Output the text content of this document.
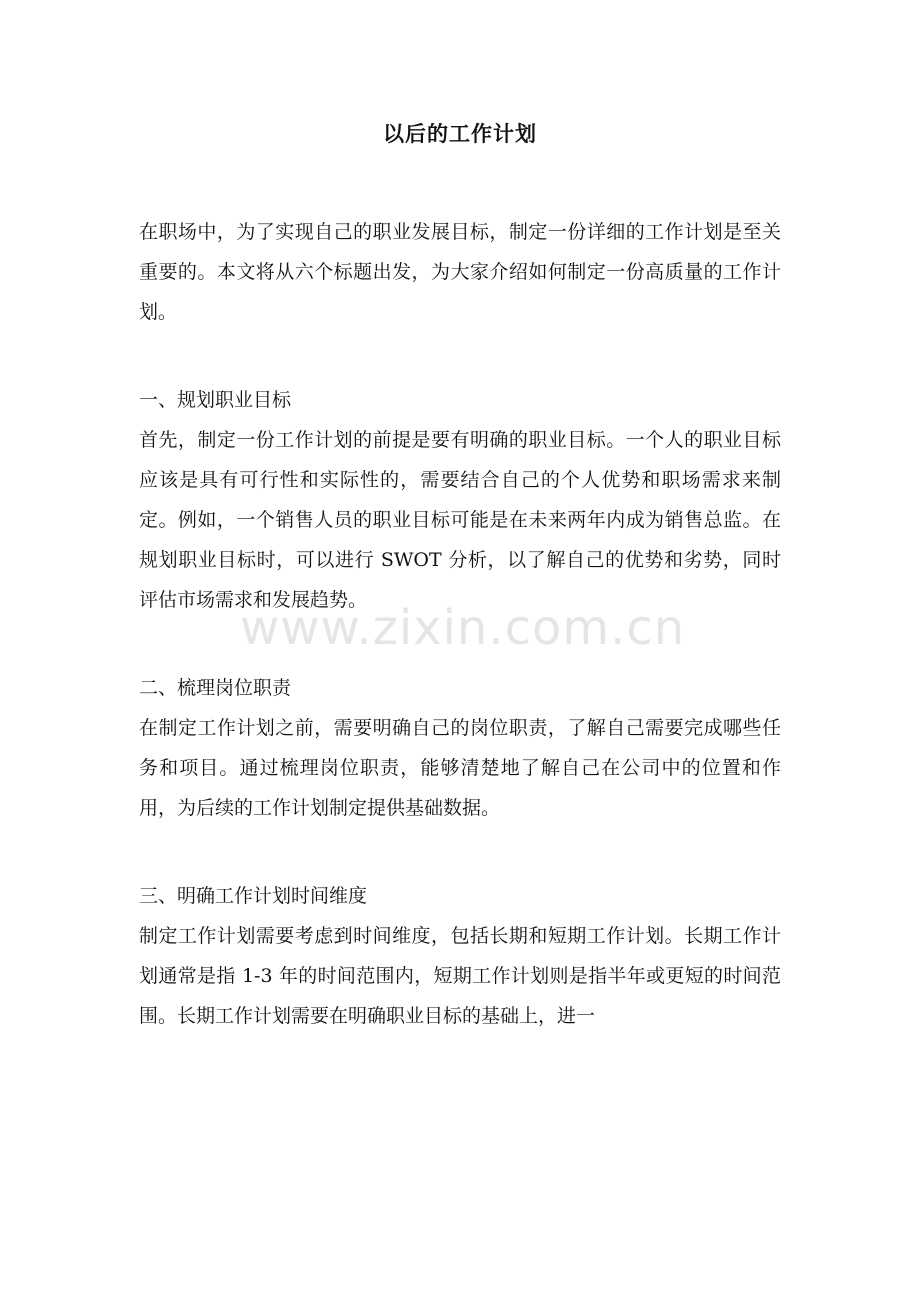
以后的工作计划

在职场中，为了实现自己的职业发展目标，制定一份详细的工作计划是至关重要的。本文将从六个标题出发，为大家介绍如何制定一份高质量的工作计划。

一、规划职业目标

首先，制定一份工作计划的前提是要有明确的职业目标。一个人的职业目标应该是具有可行性和实际性的，需要结合自己的个人优势和职场需求来制定。例如，一个销售人员的职业目标可能是在未来两年内成为销售总监。在规划职业目标时，可以进行 SWOT 分析，以了解自己的优势和劣势，同时评估市场需求和发展趋势。

二、梳理岗位职责

在制定工作计划之前，需要明确自己的岗位职责，了解自己需要完成哪些任务和项目。通过梳理岗位职责，能够清楚地了解自己在公司中的位置和作用，为后续的工作计划制定提供基础数据。

三、明确工作计划时间维度

制定工作计划需要考虑到时间维度，包括长期和短期工作计划。长期工作计划通常是指 1-3 年的时间范围内，短期工作计划则是指半年或更短的时间范围。长期工作计划需要在明确职业目标的基础上，进一

www.zixin.com.cn
